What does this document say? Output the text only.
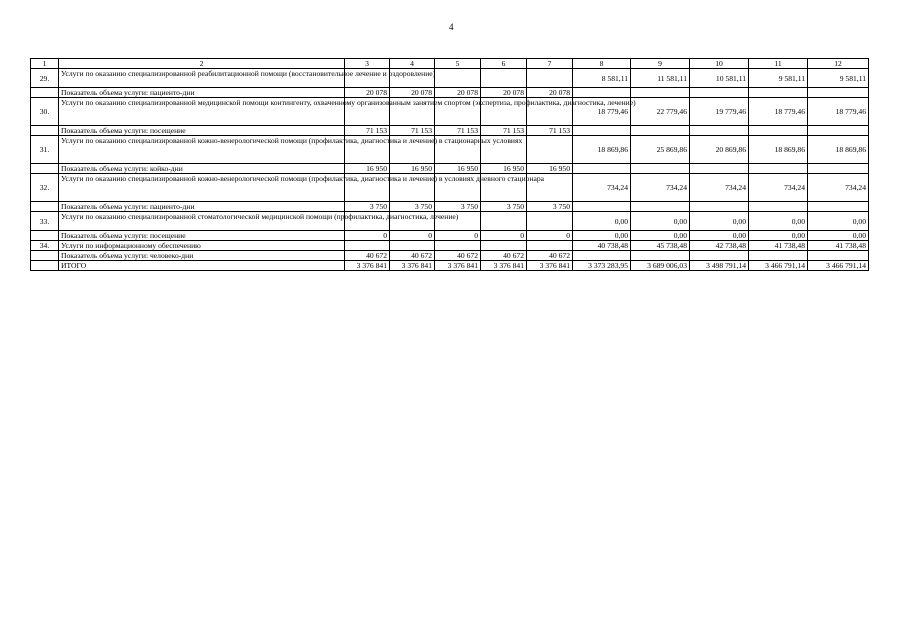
4
1	2	3	4	5	6	7	8	9	10	11	12
29.	Услуги по оказанию специализированной реабилитационной помощи (восстановительное лечение и оздоровление)						8 581,11	11 581,11	10 581,11	9 581,11	9 581,11
	Показатель объема услуги: пациенто-дни	20 078	20 078	20 078	20 078	20 078					
30.	Услуги по оказанию специализированной медицинской помощи контингенту, охваченному организованным занятием спортом (экспертиза, профилактика, диагностика, лечение)						18 779,46	22 779,46	19 779,46	18 779,46	18 779,46
	Показатель объема услуги: посещение	71 153	71 153	71 153	71 153	71 153					
31.	Услуги по оказанию специализированной кожно-венерологической помощи (профилактика, диагностика и лечение) в стационарных условиях						18 869,86	25 869,86	20 869,86	18 869,86	18 869,86
	Показатель объема услуги: койко-дни	16 950	16 950	16 950	16 950	16 950					
32.	Услуги по оказанию специализированной кожно-венерологической помощи (профилактика, диагностика и лечение) в условиях дневного стационара						734,24	734,24	734,24	734,24	734,24
	Показатель объема услуги: пациенто-дни	3 750	3 750	3 750	3 750	3 750					
33.	Услуги по оказанию специализированной стоматологической медицинской помощи (профилактика, диагностика, лечение)						0,00	0,00	0,00	0,00	0,00
	Показатель объема услуги: посещение	0	0	0	0	0	0,00	0,00	0,00	0,00	0,00
34.	Услуги по информационному обеспечению						40 738,48	45 738,48	42 738,48	41 738,48	41 738,48
	Показатель объема услуги: человеко-дни	40 672	40 672	40 672	40 672	40 672					
	ИТОГО	3 376 841	3 376 841	3 376 841	3 376 841	3 376 841	3 373 283,95	3 689 006,03	3 498 791,14	3 466 791,14	3 466 791,14
